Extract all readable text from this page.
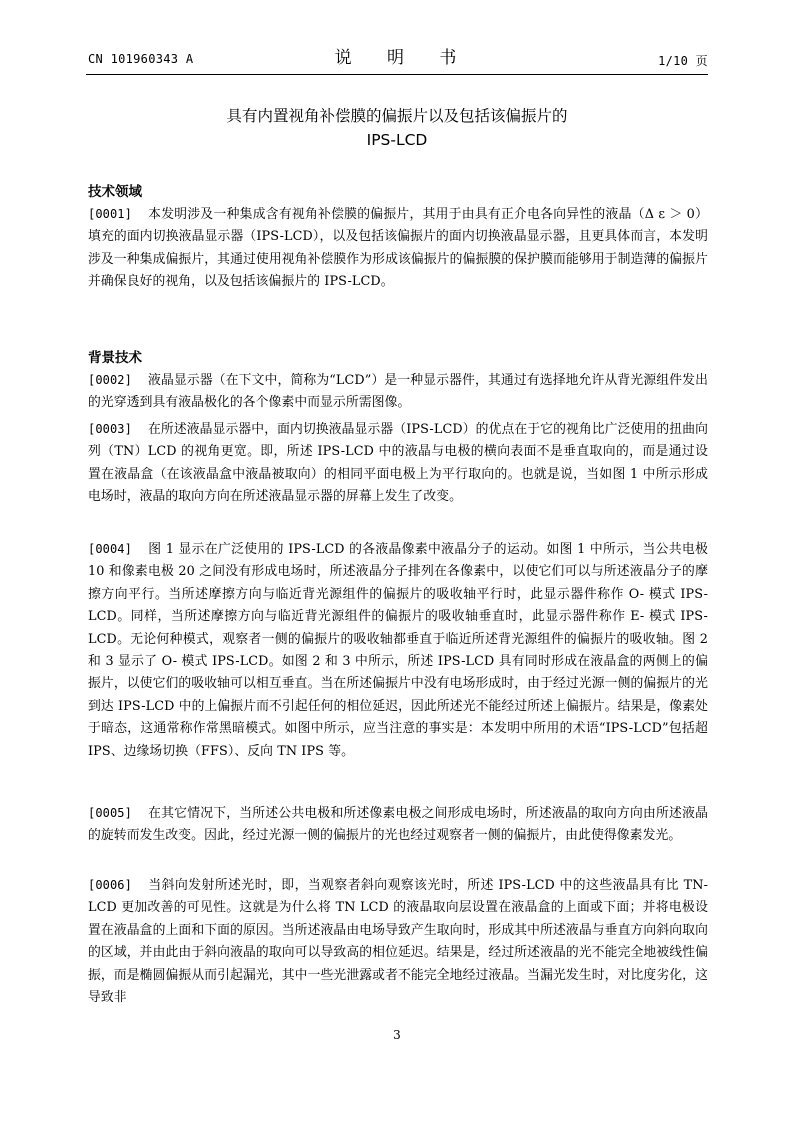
CN 101960343 A	说 明 书	1/10 页
具有内置视角补偿膜的偏振片以及包括该偏振片的
IPS-LCD
技术领域

[0001] 本发明涉及一种集成含有视角补偿膜的偏振片，其用于由具有正介电各向异性的液晶（Δ ε ＞ 0）填充的面内切换液晶显示器（IPS-LCD），以及包括该偏振片的面内切换液晶显示器，且更具体而言，本发明涉及一种集成偏振片，其通过使用视角补偿膜作为形成该偏振片的偏振膜的保护膜而能够用于制造薄的偏振片并确保良好的视角，以及包括该偏振片的 IPS-LCD。

背景技术

[0002] 液晶显示器（在下文中，简称为“LCD”）是一种显示器件，其通过有选择地允许从背光源组件发出的光穿透到具有液晶极化的各个像素中而显示所需图像。

[0003] 在所述液晶显示器中，面内切换液晶显示器（IPS-LCD）的优点在于它的视角比广泛使用的扭曲向列（TN）LCD 的视角更宽。即，所述 IPS-LCD 中的液晶与电极的横向表面不是垂直取向的，而是通过设置在液晶盒（在该液晶盒中液晶被取向）的相同平面电极上为平行取向的。也就是说，当如图 1 中所示形成电场时，液晶的取向方向在所述液晶显示器的屏幕上发生了改变。

[0004] 图 1 显示在广泛使用的 IPS-LCD 的各液晶像素中液晶分子的运动。如图 1 中所示，当公共电极 10 和像素电极 20 之间没有形成电场时，所述液晶分子排列在各像素中，以使它们可以与所述液晶分子的摩擦方向平行。当所述摩擦方向与临近背光源组件的偏振片的吸收轴平行时，此显示器件称作 O- 模式 IPS-LCD。同样，当所述摩擦方向与临近背光源组件的偏振片的吸收轴垂直时，此显示器件称作 E- 模式 IPS-LCD。无论何种模式，观察者一侧的偏振片的吸收轴都垂直于临近所述背光源组件的偏振片的吸收轴。图 2 和 3 显示了 O- 模式 IPS-LCD。如图 2 和 3 中所示，所述 IPS-LCD 具有同时形成在液晶盒的两侧上的偏振片，以使它们的吸收轴可以相互垂直。当在所述偏振片中没有电场形成时，由于经过光源一侧的偏振片的光到达 IPS-LCD 中的上偏振片而不引起任何的相位延迟，因此所述光不能经过所述上偏振片。结果是，像素处于暗态，这通常称作常黑暗模式。如图中所示，应当注意的事实是：本发明中所用的术语“IPS-LCD”包括超 IPS、边缘场切换（FFS）、反向 TN IPS 等。

[0005] 在其它情况下，当所述公共电极和所述像素电极之间形成电场时，所述液晶的取向方向由所述液晶的旋转而发生改变。因此，经过光源一侧的偏振片的光也经过观察者一侧的偏振片，由此使得像素发光。

[0006] 当斜向发射所述光时，即，当观察者斜向观察该光时，所述 IPS-LCD 中的这些液晶具有比 TN-LCD 更加改善的可见性。这就是为什么将 TN LCD 的液晶取向层设置在液晶盒的上面或下面；并将电极设置在液晶盒的上面和下面的原因。当所述液晶由电场导致产生取向时，形成其中所述液晶与垂直方向斜向取向的区域，并由此由于斜向液晶的取向可以导致高的相位延迟。结果是，经过所述液晶的光不能完全地被线性偏振，而是椭圆偏振从而引起漏光，其中一些光泄露或者不能完全地经过液晶。当漏光发生时，对比度劣化，这导致非

3
